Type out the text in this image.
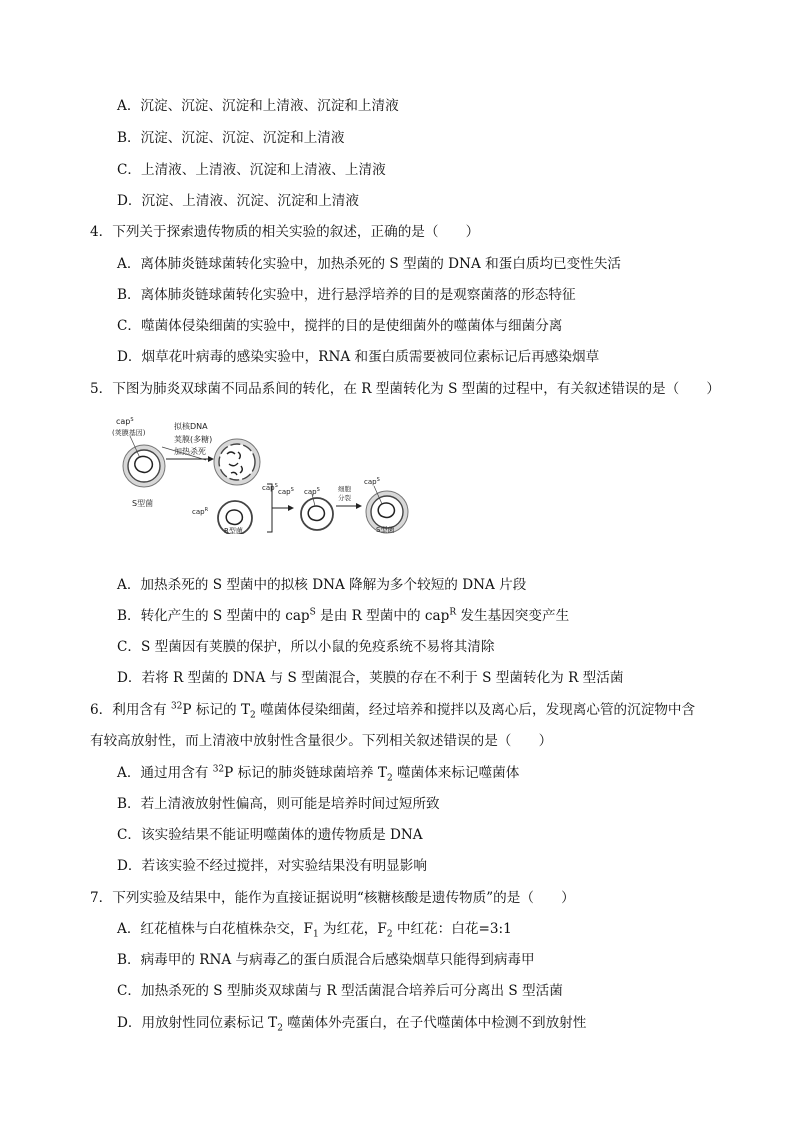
A．沉淀、沉淀、沉淀和上清液、沉淀和上清液
B．沉淀、沉淀、沉淀、沉淀和上清液
C．上清液、上清液、沉淀和上清液、上清液
D．沉淀、上清液、沉淀、沉淀和上清液
4．下列关于探索遗传物质的相关实验的叙述，正确的是（　　）
A．离体肺炎链球菌转化实验中，加热杀死的 S 型菌的 DNA 和蛋白质均已变性失活
B．离体肺炎链球菌转化实验中，进行悬浮培养的目的是观察菌落的形态特征
C．噬菌体侵染细菌的实验中，搅拌的目的是使细菌外的噬菌体与细菌分离
D．烟草花叶病毒的感染实验中，RNA 和蛋白质需要被同位素标记后再感染烟草
5．下图为肺炎双球菌不同品系间的转化，在 R 型菌转化为 S 型菌的过程中，有关叙述错误的是（　　）
cap$^S$
(荚膜基因)
S型菌
拟核DNA
荚膜(多糖)
加热杀死
cap$^S$
cap$^R$
R型菌
cap$^S$ cap$^S$	细胞
分裂
cap$^S$
S型菌
A．加热杀死的 S 型菌中的拟核 DNA 降解为多个较短的 DNA 片段
B．转化产生的 S 型菌中的 cap$^S$ 是由 R 型菌中的 cap$^R$ 发生基因突变产生
C．S 型菌因有荚膜的保护，所以小鼠的免疫系统不易将其清除
D．若将 R 型菌的 DNA 与 S 型菌混合，荚膜的存在不利于 S 型菌转化为 R 型活菌
6．利用含有 $^{32}$P 标记的 $T_2$ 噬菌体侵染细菌，经过培养和搅拌以及离心后，发现离心管的沉淀物中含
有较高放射性，而上清液中放射性含量很少。下列相关叙述错误的是（　　）
A．通过用含有 $^{32}$P 标记的肺炎链球菌培养 $T_2$ 噬菌体来标记噬菌体
B．若上清液放射性偏高，则可能是培养时间过短所致
C．该实验结果不能证明噬菌体的遗传物质是 DNA
D．若该实验不经过搅拌，对实验结果没有明显影响
7．下列实验及结果中，能作为直接证据说明“核糖核酸是遗传物质”的是（　　）
A．红花植株与白花植株杂交，$F_1$ 为红花，$F_2$ 中红花：白花=3:1
B．病毒甲的 RNA 与病毒乙的蛋白质混合后感染烟草只能得到病毒甲
C．加热杀死的 S 型肺炎双球菌与 R 型活菌混合培养后可分离出 S 型活菌
D．用放射性同位素标记 $T_2$ 噬菌体外壳蛋白，在子代噬菌体中检测不到放射性
